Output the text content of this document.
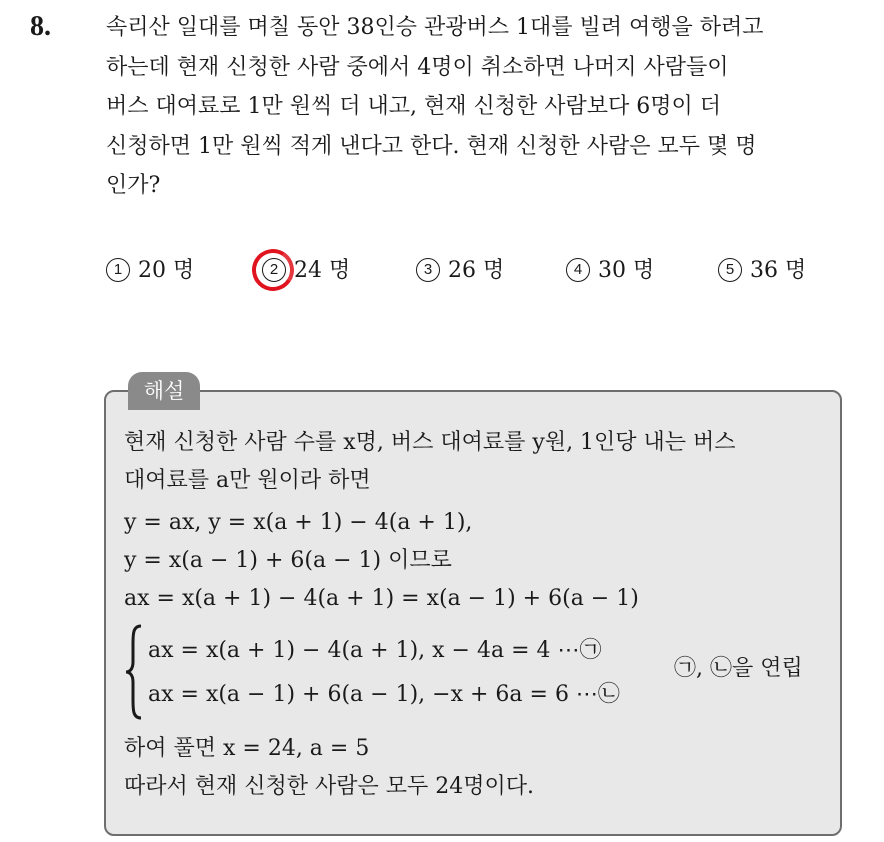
8.	속리산 일대를 며칠 동안 38인승 관광버스 1대를 빌려 여행을 하려고
하는데 현재 신청한 사람 중에서 4명이 취소하면 나머지 사람들이
버스 대여료로 1만 원씩 더 내고, 현재 신청한 사람보다 6명이 더
신청하면 1만 원씩 적게 낸다고 한다. 현재 신청한 사람은 모두 몇 명
인가?
1 20 명	2 24 명	3 26 명	4 30 명	5 36 명
해설
현재 신청한 사람 수를 x명, 버스 대여료를 y원, 1인당 내는 버스
대여료를 a만 원이라 하면
y = ax, y = x(a + 1) − 4(a + 1),
y = x(a − 1) + 6(a − 1) 이므로
ax = x(a + 1) − 4(a + 1) = x(a − 1) + 6(a − 1)
ax = x(a + 1) − 4(a + 1), x − 4a = 4 ⋯㉠
ax = x(a − 1) + 6(a − 1), −x + 6a = 6 ⋯㉡
㉠, ㉡을 연립
하여 풀면 x = 24, a = 5
따라서 현재 신청한 사람은 모두 24명이다.
